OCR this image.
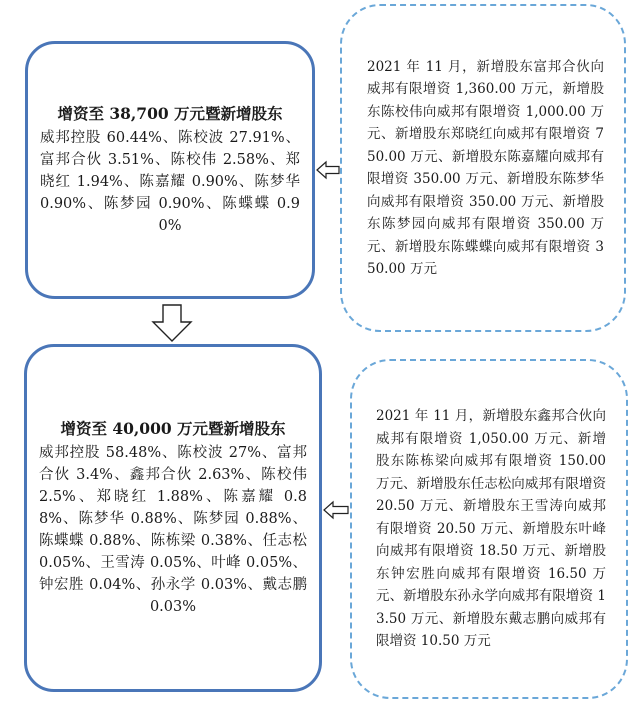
增资至 38,700 万元暨新增股东
威邦控股 60.44%、陈校波 27.91%、富邦合伙 3.51%、陈校伟 2.58%、郑晓红 1.94%、陈嘉耀 0.90%、陈梦华 0.90%、陈梦园 0.90%、陈蝶蝶 0.90%
2021 年 11 月，新增股东富邦合伙向威邦有限增资 1,360.00 万元，新增股东陈校伟向威邦有限增资 1,000.00 万元、新增股东郑晓红向威邦有限增资 750.00 万元、新增股东陈嘉耀向威邦有限增资 350.00 万元、新增股东陈梦华向威邦有限增资 350.00 万元、新增股东陈梦园向威邦有限增资 350.00 万元、新增股东陈蝶蝶向威邦有限增资 350.00 万元
增资至 40,000 万元暨新增股东
威邦控股 58.48%、陈校波 27%、富邦合伙 3.4%、鑫邦合伙 2.63%、陈校伟 2.5%、郑晓红 1.88%、陈嘉耀 0.88%、陈梦华 0.88%、陈梦园 0.88%、陈蝶蝶 0.88%、陈栋梁 0.38%、任志松 0.05%、王雪涛 0.05%、叶峰 0.05%、钟宏胜 0.04%、孙永学 0.03%、戴志鹏 0.03%
2021 年 11 月，新增股东鑫邦合伙向威邦有限增资 1,050.00 万元、新增股东陈栋梁向威邦有限增资 150.00 万元、新增股东任志松向威邦有限增资 20.50 万元、新增股东王雪涛向威邦有限增资 20.50 万元、新增股东叶峰向威邦有限增资 18.50 万元、新增股东钟宏胜向威邦有限增资 16.50 万元、新增股东孙永学向威邦有限增资 13.50 万元、新增股东戴志鹏向威邦有限增资 10.50 万元
